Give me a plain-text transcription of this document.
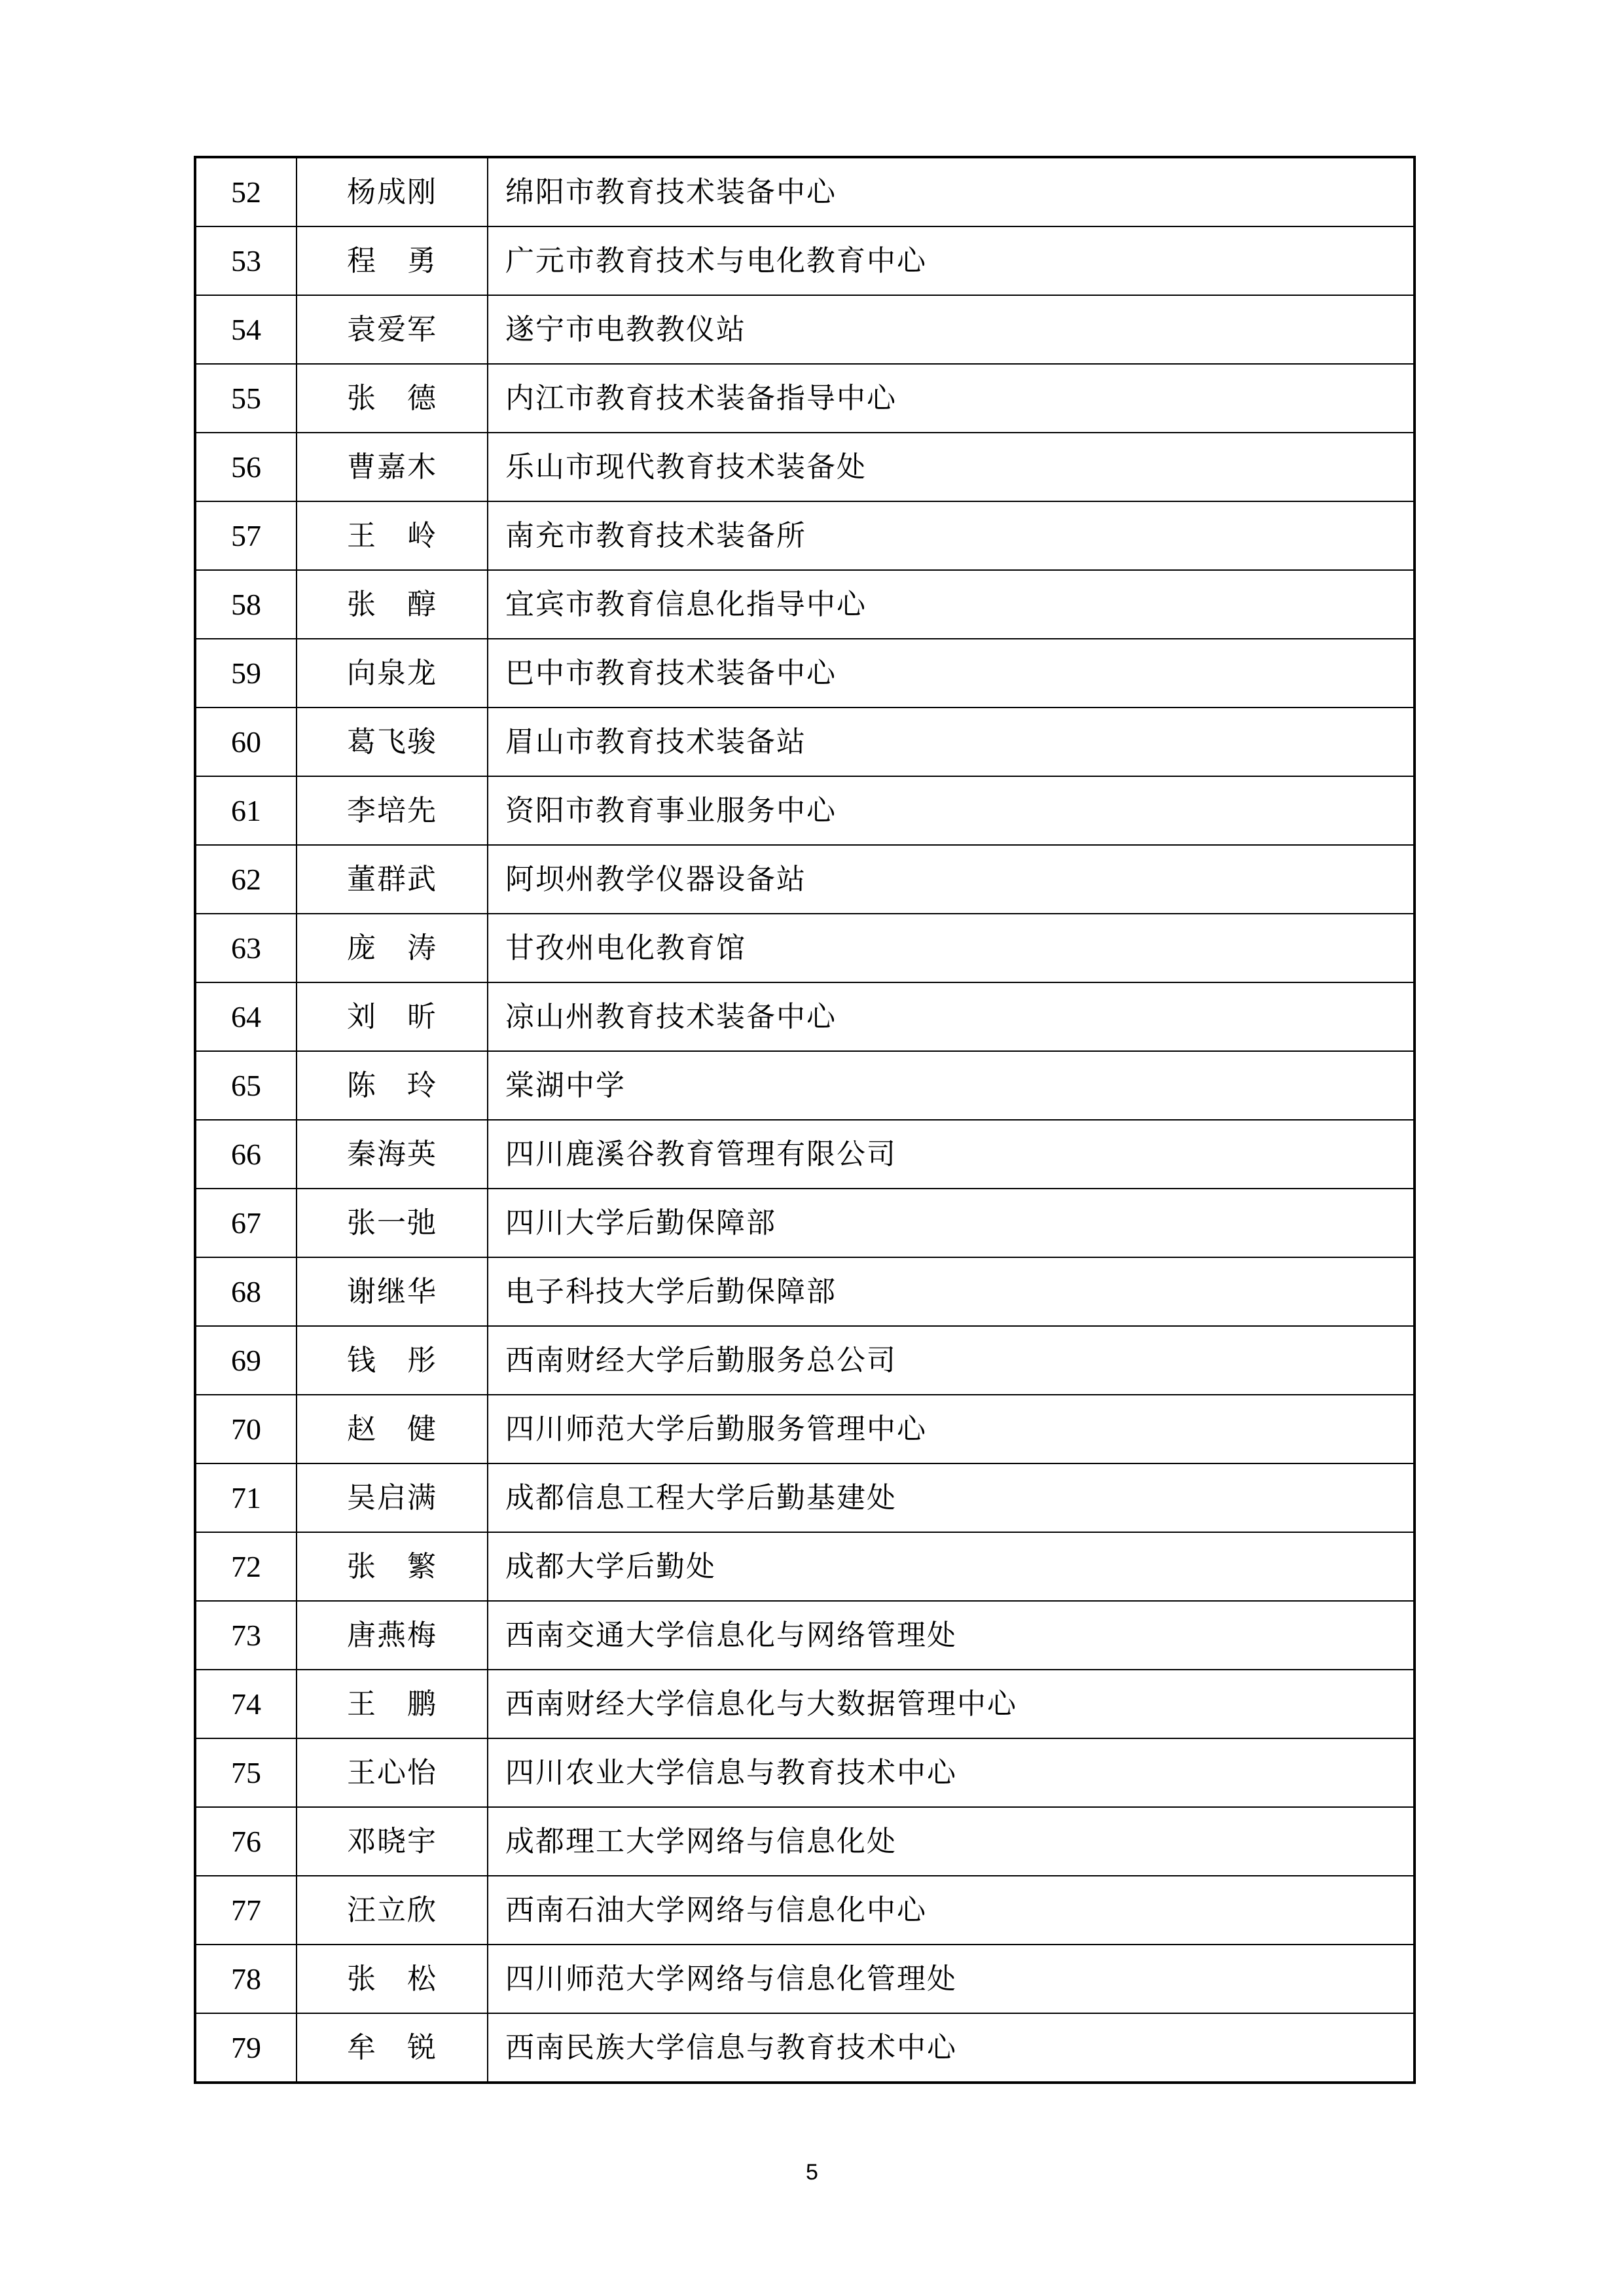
52	杨成刚	绵阳市教育技术装备中心
53	程　勇	广元市教育技术与电化教育中心
54	袁爱军	遂宁市电教教仪站
55	张　德	内江市教育技术装备指导中心
56	曹嘉木	乐山市现代教育技术装备处
57	王　岭	南充市教育技术装备所
58	张　醇	宜宾市教育信息化指导中心
59	向泉龙	巴中市教育技术装备中心
60	葛飞骏	眉山市教育技术装备站
61	李培先	资阳市教育事业服务中心
62	董群武	阿坝州教学仪器设备站
63	庞　涛	甘孜州电化教育馆
64	刘　昕	凉山州教育技术装备中心
65	陈　玲	棠湖中学
66	秦海英	四川鹿溪谷教育管理有限公司
67	张一弛	四川大学后勤保障部
68	谢继华	电子科技大学后勤保障部
69	钱　彤	西南财经大学后勤服务总公司
70	赵　健	四川师范大学后勤服务管理中心
71	吴启满	成都信息工程大学后勤基建处
72	张　繁	成都大学后勤处
73	唐燕梅	西南交通大学信息化与网络管理处
74	王　鹏	西南财经大学信息化与大数据管理中心
75	王心怡	四川农业大学信息与教育技术中心
76	邓晓宇	成都理工大学网络与信息化处
77	汪立欣	西南石油大学网络与信息化中心
78	张　松	四川师范大学网络与信息化管理处
79	牟　锐	西南民族大学信息与教育技术中心
5
